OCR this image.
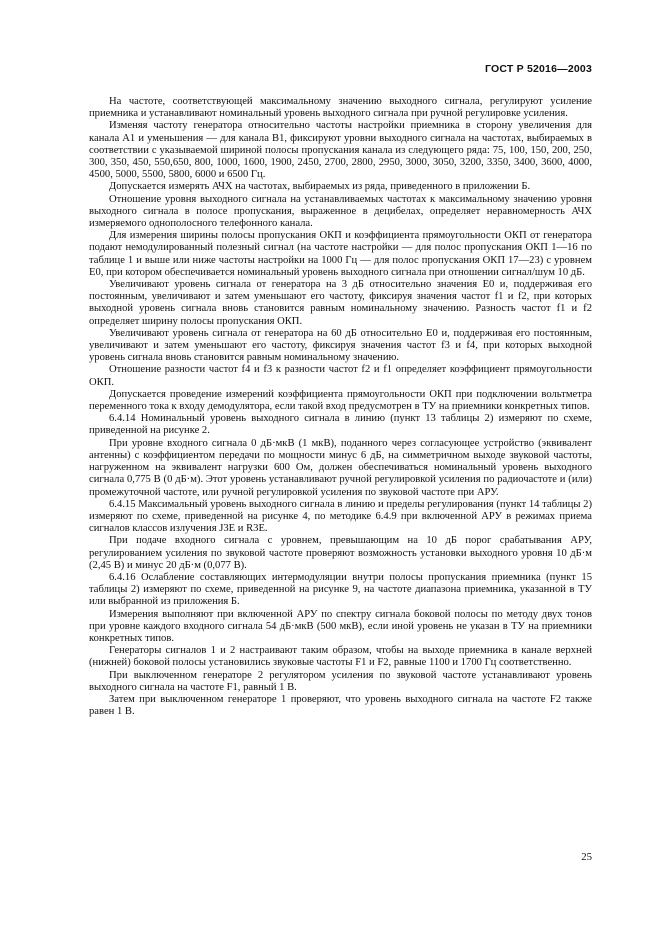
ГОСТ Р 52016—2003

На частоте, соответствующей максимальному значению выходного сигнала, регулируют усиление приемника и устанавливают номинальный уровень выходного сигнала при ручной регулировке усиления.

Изменяя частоту генератора относительно частоты настройки приемника в сторону увеличения для канала A1 и уменьшения — для канала B1, фиксируют уровни выходного сигнала на частотах, выбираемых в соответствии с указываемой шириной полосы пропускания канала из следующего ряда: 75, 100, 150, 200, 250, 300, 350, 450, 550,650, 800, 1000, 1600, 1900, 2450, 2700, 2800, 2950, 3000, 3050, 3200, 3350, 3400, 3600, 4000, 4500, 5000, 5500, 5800, 6000 и 6500 Гц.

Допускается измерять АЧХ на частотах, выбираемых из ряда, приведенного в приложении Б.

Отношение уровня выходного сигнала на устанавливаемых частотах к максимальному значению уровня выходного сигнала в полосе пропускания, выраженное в децибелах, определяет неравномерность АЧХ измеряемого однополосного телефонного канала.

Для измерения ширины полосы пропускания ОКП и коэффициента прямоугольности ОКП от генератора подают немодулированный полезный сигнал (на частоте настройки — для полос пропускания ОКП 1—16 по таблице 1 и выше или ниже частоты настройки на 1000 Гц — для полос пропускания ОКП 17—23) с уровнем E0, при котором обеспечивается номинальный уровень выходного сигнала при отношении сигнал/шум 10 дБ.

Увеличивают уровень сигнала от генератора на 3 дБ относительно значения E0 и, поддерживая его постоянным, увеличивают и затем уменьшают его частоту, фиксируя значения частот f1 и f2, при которых выходной уровень сигнала вновь становится равным номинальному значению. Разность частот f1 и f2 определяет ширину полосы пропускания ОКП.

Увеличивают уровень сигнала от генератора на 60 дБ относительно E0 и, поддерживая его постоянным, увеличивают и затем уменьшают его частоту, фиксируя значения частот f3 и f4, при которых выходной уровень сигнала вновь становится равным номинальному значению.

Отношение разности частот f4 и f3 к разности частот f2 и f1 определяет коэффициент прямоугольности ОКП.

Допускается проведение измерений коэффициента прямоугольности ОКП при подключении вольтметра переменного тока к входу демодулятора, если такой вход предусмотрен в ТУ на приемники конкретных типов.

6.4.14 Номинальный уровень выходного сигнала в линию (пункт 13 таблицы 2) измеряют по схеме, приведенной на рисунке 2.

При уровне входного сигнала 0 дБ·мкВ (1 мкВ), поданного через согласующее устройство (эквивалент антенны) с коэффициентом передачи по мощности минус 6 дБ, на симметричном выходе звуковой частоты, нагруженном на эквивалент нагрузки 600 Ом, должен обеспечиваться номинальный уровень выходного сигнала 0,775 В (0 дБ·м). Этот уровень устанавливают ручной регулировкой усиления по радиочастоте и (или) промежуточной частоте, или ручной регулировкой усиления по звуковой частоте при АРУ.

6.4.15 Максимальный уровень выходного сигнала в линию и пределы регулирования (пункт 14 таблицы 2) измеряют по схеме, приведенной на рисунке 4, по методике 6.4.9 при включенной АРУ в режимах приема сигналов классов излучения J3E и R3E.

При подаче входного сигнала с уровнем, превышающим на 10 дБ порог срабатывания АРУ, регулированием усиления по звуковой частоте проверяют возможность установки выходного уровня 10 дБ·м (2,45 В) и минус 20 дБ·м (0,077 В).

6.4.16 Ослабление составляющих интермодуляции внутри полосы пропускания приемника (пункт 15 таблицы 2) измеряют по схеме, приведенной на рисунке 9, на частоте диапазона приемника, указанной в ТУ или выбранной из приложения Б.

Измерения выполняют при включенной АРУ по спектру сигнала боковой полосы по методу двух тонов при уровне каждого входного сигнала 54 дБ·мкВ (500 мкВ), если иной уровень не указан в ТУ на приемники конкретных типов.

Генераторы сигналов 1 и 2 настраивают таким образом, чтобы на выходе приемника в канале верхней (нижней) боковой полосы установились звуковые частоты F1 и F2, равные 1100 и 1700 Гц соответственно.

При выключенном генераторе 2 регулятором усиления по звуковой частоте устанавливают уровень выходного сигнала на частоте F1, равный 1 В.

Затем при выключенном генераторе 1 проверяют, что уровень выходного сигнала на частоте F2 также равен 1 В.

25
